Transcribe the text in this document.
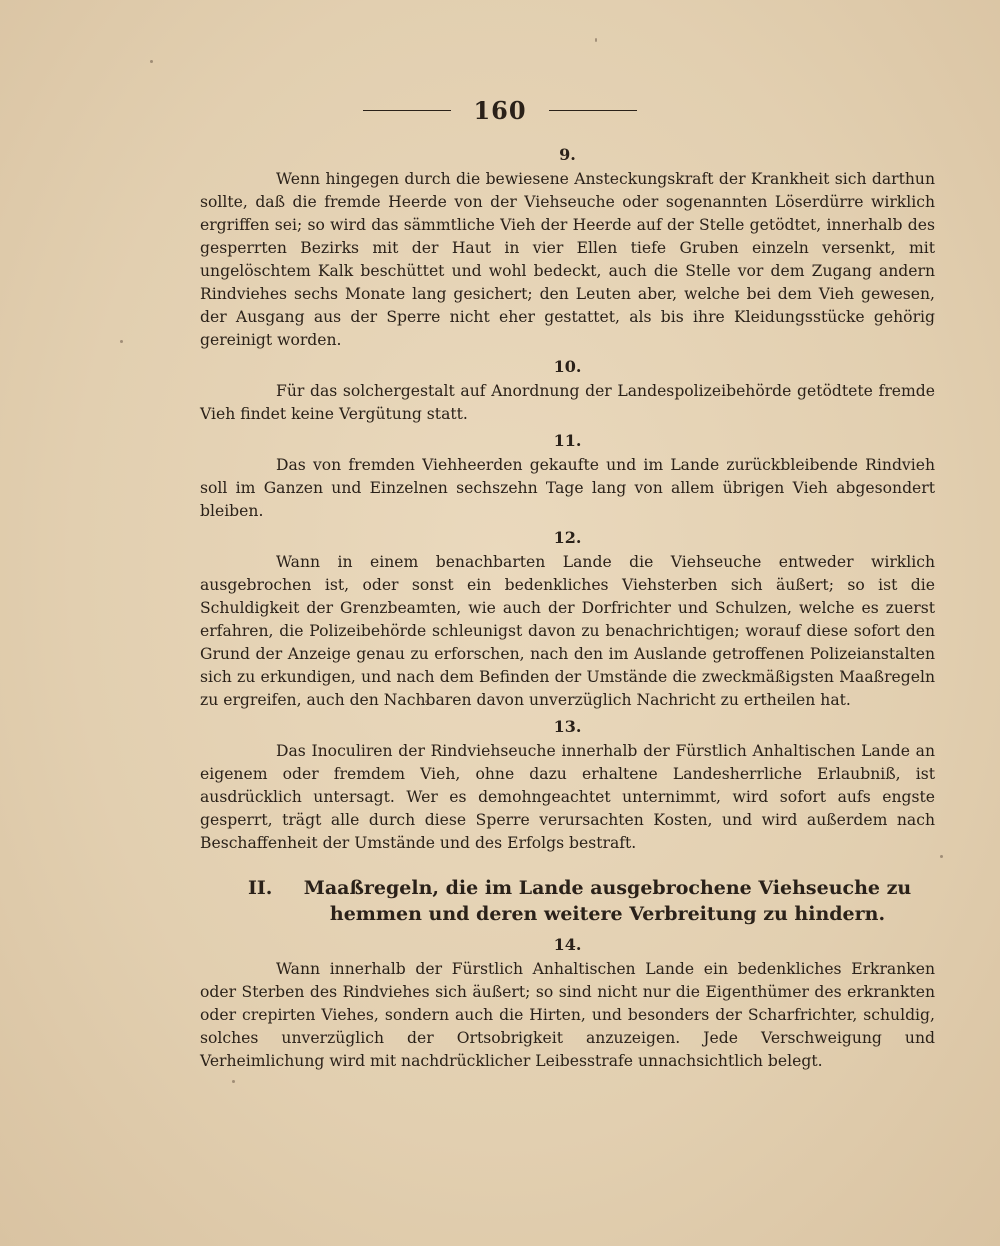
160
9.

Wenn hingegen durch die bewiesene Ansteckungskraft der Krankheit sich darthun sollte, daß die fremde Heerde von der Viehseuche oder sogenannten Löserdürre wirklich ergriffen sei; so wird das sämmtliche Vieh der Heerde auf der Stelle getödtet, innerhalb des gesperrten Bezirks mit der Haut in vier Ellen tiefe Gruben einzeln versenkt, mit ungelöschtem Kalk beschüttet und wohl bedeckt, auch die Stelle vor dem Zugang andern Rindviehes sechs Monate lang gesichert; den Leuten aber, welche bei dem Vieh gewesen, der Ausgang aus der Sperre nicht eher gestattet, als bis ihre Kleidungsstücke gehörig gereinigt worden.

10.

Für das solchergestalt auf Anordnung der Landespolizeibehörde getödtete fremde Vieh findet keine Vergütung statt.

11.

Das von fremden Viehheerden gekaufte und im Lande zurückbleibende Rindvieh soll im Ganzen und Einzelnen sechszehn Tage lang von allem übrigen Vieh abgesondert bleiben.

12.

Wann in einem benachbarten Lande die Viehseuche entweder wirklich ausgebrochen ist, oder sonst ein bedenkliches Viehsterben sich äußert; so ist die Schuldigkeit der Grenzbeamten, wie auch der Dorfrichter und Schulzen, welche es zuerst erfahren, die Polizeibehörde schleunigst davon zu benachrichtigen; worauf diese sofort den Grund der Anzeige genau zu erforschen, nach den im Auslande getroffenen Polizeianstalten sich zu erkundigen, und nach dem Befinden der Umstände die zweckmäßigsten Maaßregeln zu ergreifen, auch den Nachbaren davon unverzüglich Nachricht zu ertheilen hat.

13.

Das Inoculiren der Rindviehseuche innerhalb der Fürstlich Anhaltischen Lande an eigenem oder fremdem Vieh, ohne dazu erhaltene Landesherrliche Erlaubniß, ist ausdrücklich untersagt. Wer es demohngeachtet unternimmt, wird sofort aufs engste gesperrt, trägt alle durch diese Sperre verursachten Kosten, und wird außerdem nach Beschaffenheit der Umstände und des Erfolgs bestraft.

II.	Maaßregeln, die im Lande ausgebrochene Viehseuche zu hemmen und deren weitere Verbreitung zu hindern.
14.

Wann innerhalb der Fürstlich Anhaltischen Lande ein bedenkliches Erkranken oder Sterben des Rindviehes sich äußert; so sind nicht nur die Eigenthümer des erkrankten oder crepirten Viehes, sondern auch die Hirten, und besonders der Scharfrichter, schuldig, solches unverzüglich der Ortsobrigkeit anzuzeigen. Jede Verschweigung und Verheimlichung wird mit nachdrücklicher Leibesstrafe unnachsichtlich belegt.
